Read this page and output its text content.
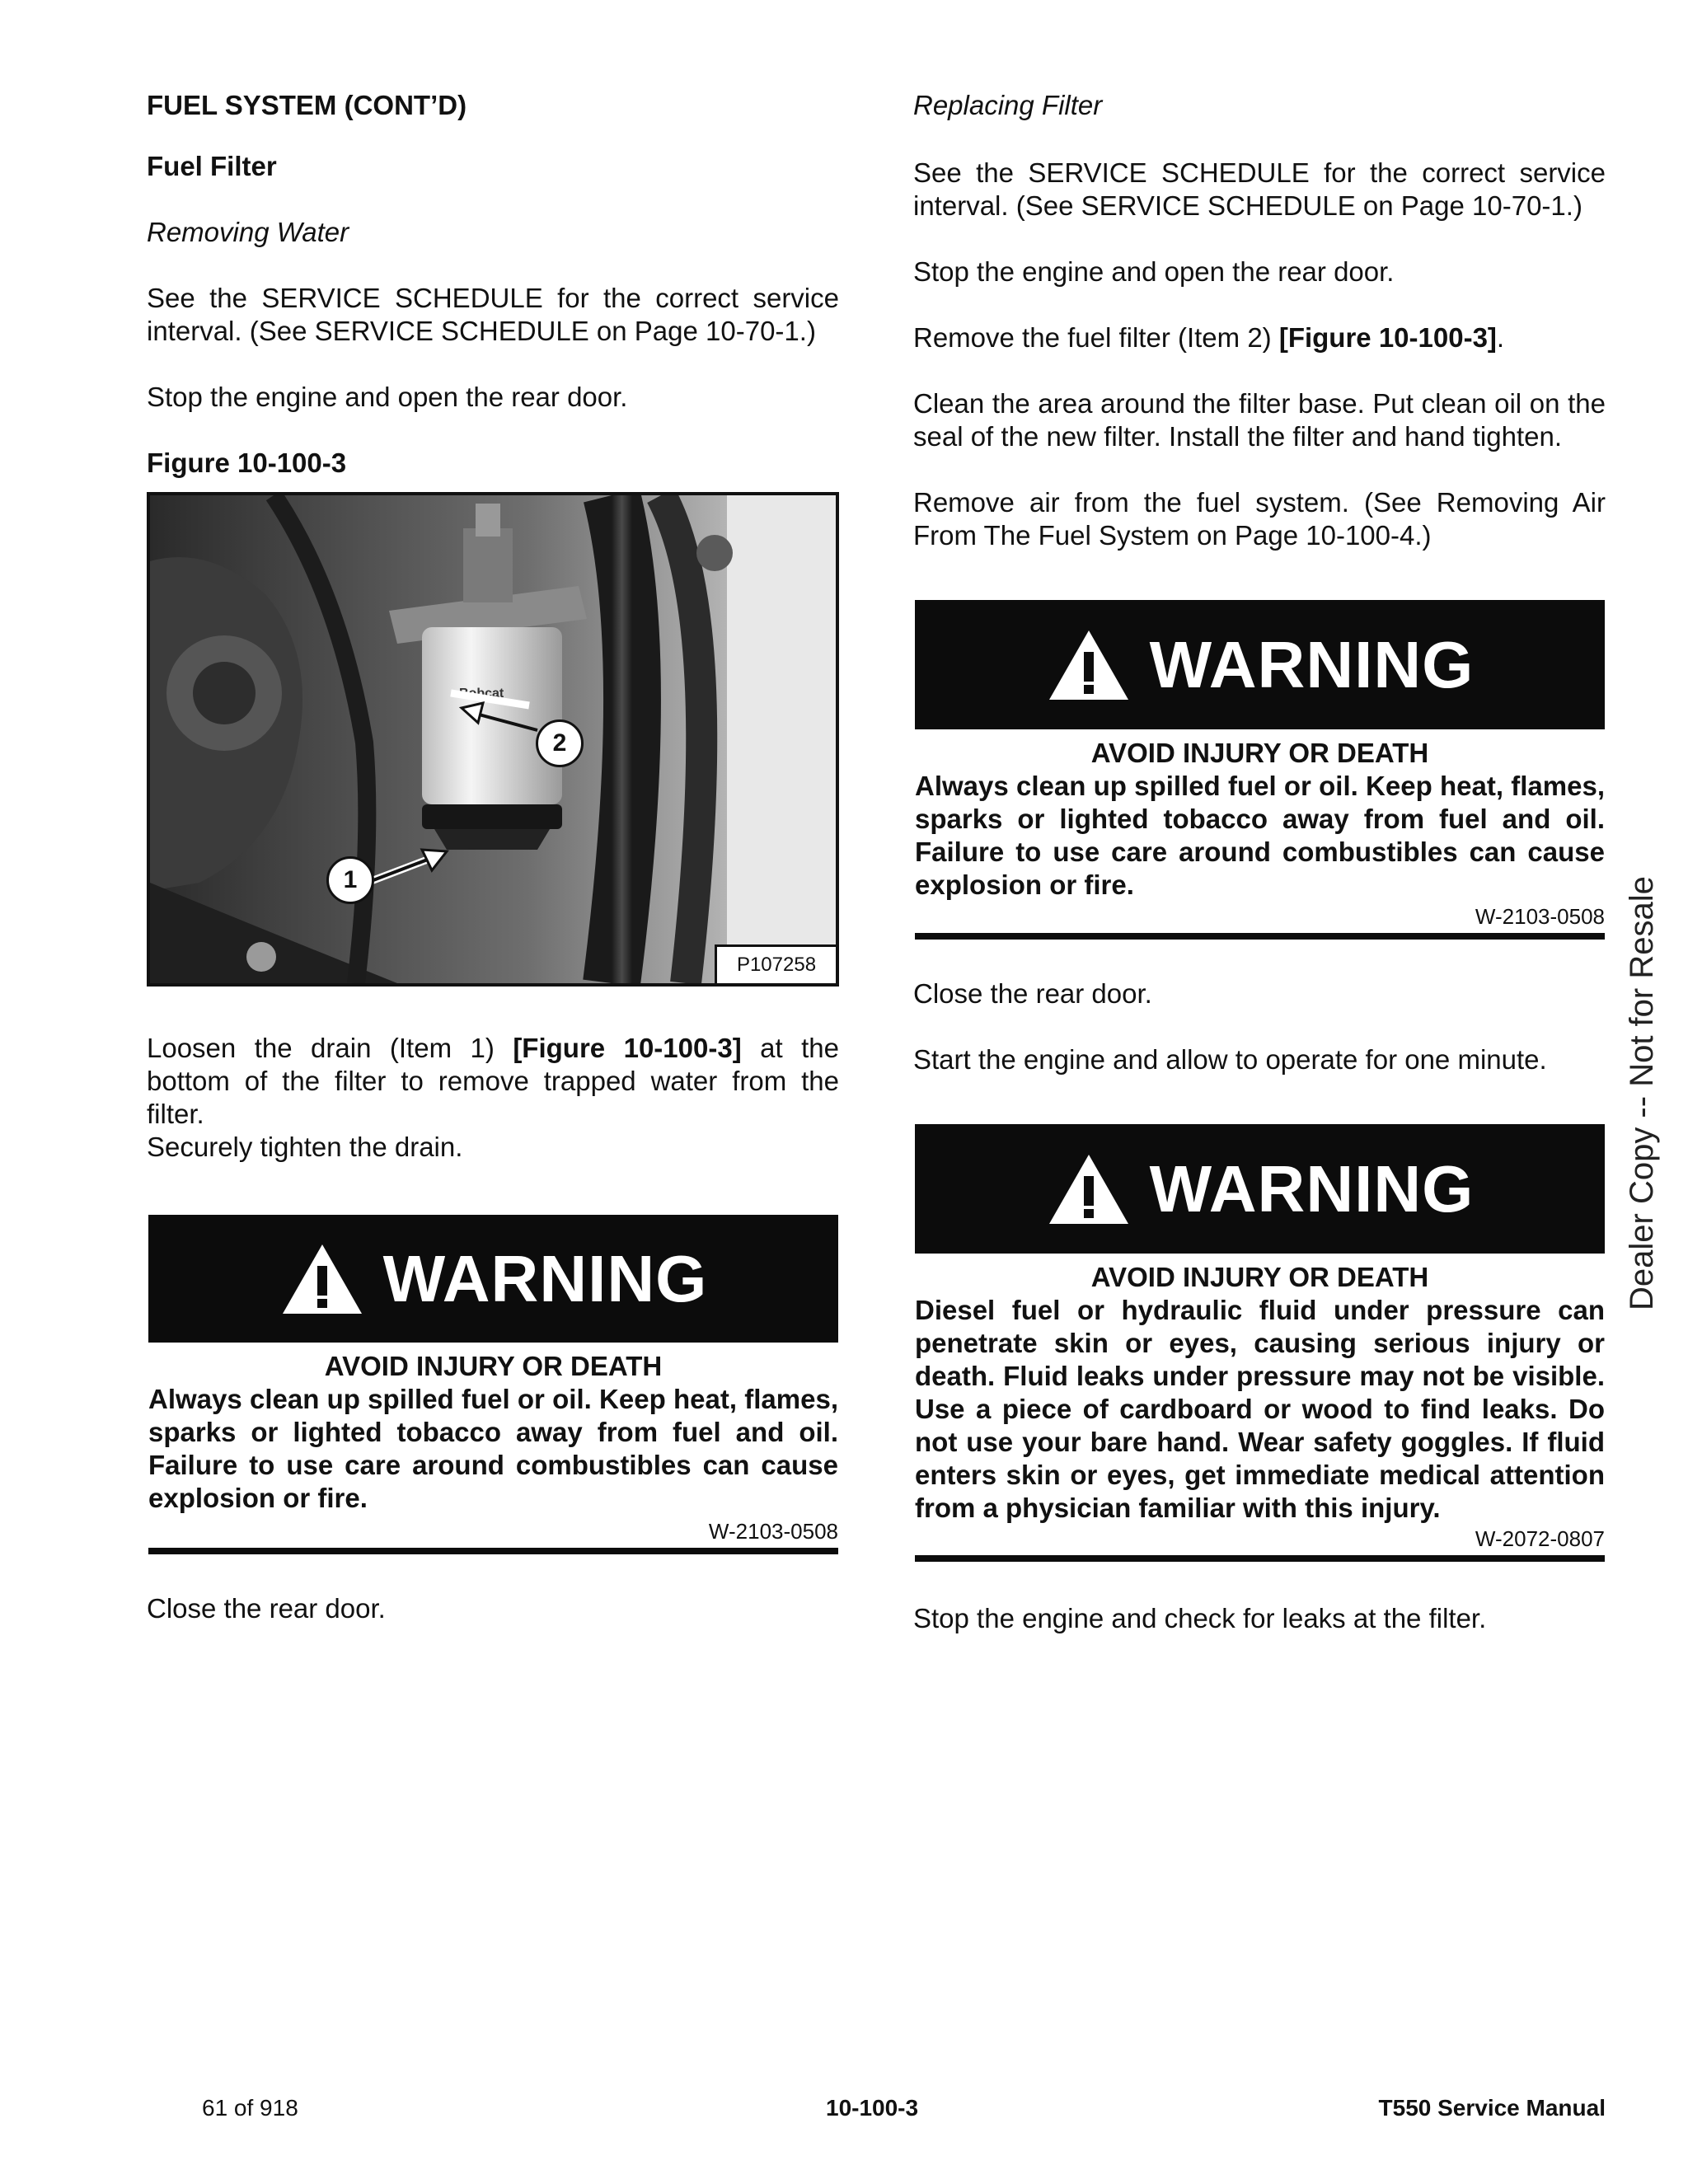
FUEL SYSTEM (CONT’D)
Fuel Filter
Removing Water
See the SERVICE SCHEDULE for the correct service interval. (See SERVICE SCHEDULE on Page 10-70-1.)
Stop the engine and open the rear door.
Figure 10-100-3
Bobcat
1
2
P107258
Loosen the drain (Item 1) [Figure 10-100-3] at the bottom of the filter to remove trapped water from the filter.
Securely tighten the drain.
WARNING
AVOID INJURY OR DEATH
Always clean up spilled fuel or oil. Keep heat, flames, sparks or lighted tobacco away from fuel and oil. Failure to use care around combustibles can cause explosion or fire.
W-2103-0508
Close the rear door.
Replacing Filter
See the SERVICE SCHEDULE for the correct service interval. (See SERVICE SCHEDULE on Page 10-70-1.)
Stop the engine and open the rear door.
Remove the fuel filter (Item 2) [Figure 10-100-3].
Clean the area around the filter base. Put clean oil on the seal of the new filter. Install the filter and hand tighten.
Remove air from the fuel system. (See Removing Air From The Fuel System on Page 10-100-4.)
WARNING
AVOID INJURY OR DEATH
Always clean up spilled fuel or oil. Keep heat, flames, sparks or lighted tobacco away from fuel and oil. Failure to use care around combustibles can cause explosion or fire.
W-2103-0508
Close the rear door.
Start the engine and allow to operate for one minute.
WARNING
AVOID INJURY OR DEATH
Diesel fuel or hydraulic fluid under pressure can penetrate skin or eyes, causing serious injury or death. Fluid leaks under pressure may not be visible. Use a piece of cardboard or wood to find leaks. Do not use your bare hand. Wear safety goggles. If fluid enters skin or eyes, get immediate medical attention from a physician familiar with this injury.
W-2072-0807
Stop the engine and check for leaks at the filter.
Dealer Copy -- Not for Resale
61 of 918	10-100-3	T550 Service Manual
